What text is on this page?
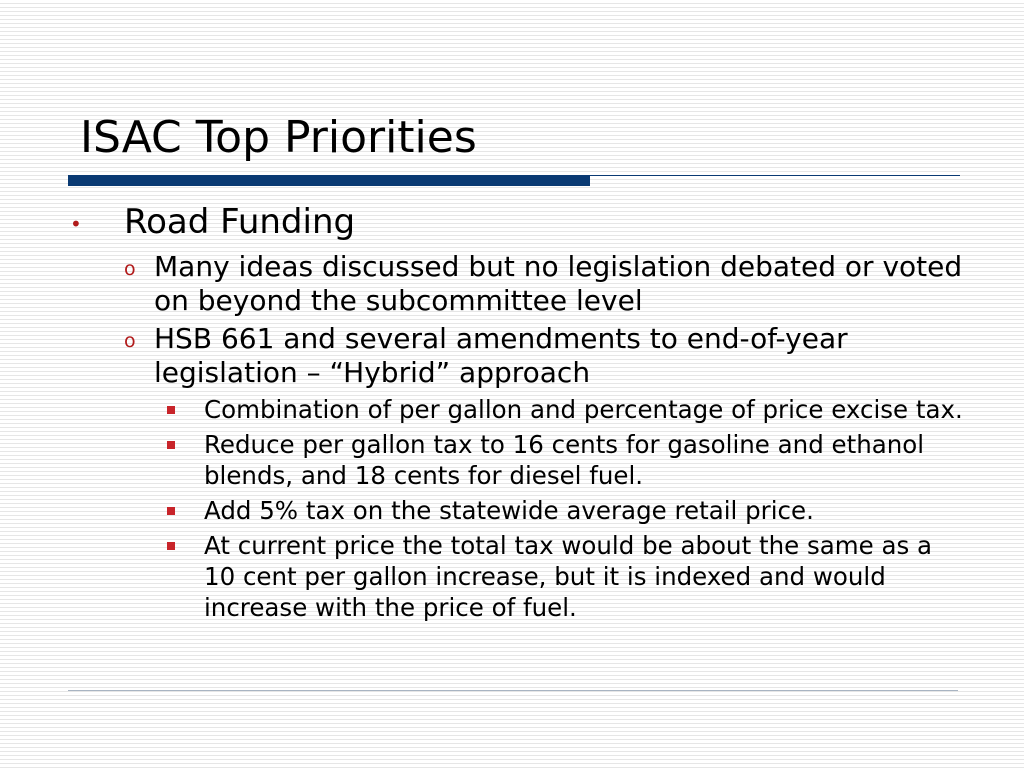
ISAC Top Priorities
• Road Funding
o Many ideas discussed but no legislation debated or voted on beyond the subcommittee level
o HSB 661 and several amendments to end-of-year legislation – “Hybrid” approach
Combination of per gallon and percentage of price excise tax.
Reduce per gallon tax to 16 cents for gasoline and ethanol blends, and 18 cents for diesel fuel.
Add 5% tax on the statewide average retail price.
At current price the total tax would be about the same as a 10 cent per gallon increase, but it is indexed and would increase with the price of fuel.
